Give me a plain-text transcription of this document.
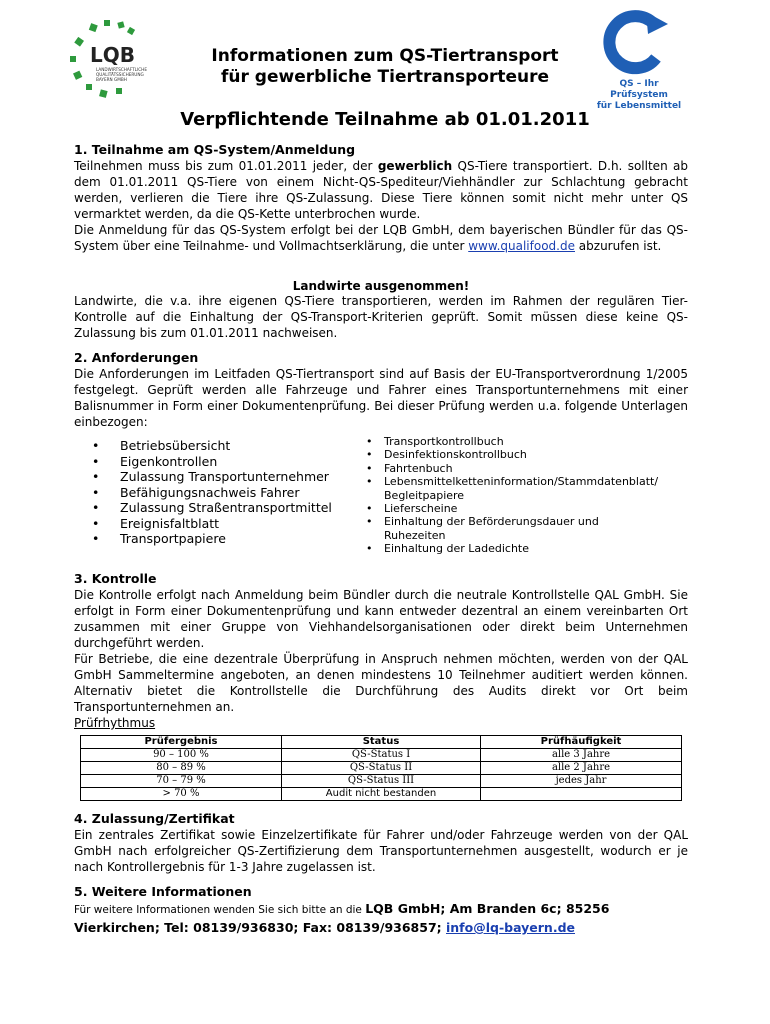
LQB
LANDWIRTSCHAFTLICHE
QUALITÄTSSICHERUNG
BAYERN GMBH	QS – Ihr Prüfsystem
für Lebensmittel
Informationen zum QS-Tiertransport
für gewerbliche Tiertransporteure
Verpflichtende Teilnahme ab 01.01.2011
1. Teilnahme am QS-System/Anmeldung
Teilnehmen muss bis zum 01.01.2011 jeder, der gewerblich QS-Tiere transportiert. D.h. sollten ab dem 01.01.2011 QS-Tiere von einem Nicht-QS-Spediteur/Viehhändler zur Schlachtung gebracht werden, verlieren die Tiere ihre QS-Zulassung. Diese Tiere können somit nicht mehr unter QS vermarktet werden, da die QS-Kette unterbrochen wurde.
Die Anmeldung für das QS-System erfolgt bei der LQB GmbH, dem bayerischen Bündler für das QS-System über eine Teilnahme- und Vollmachtserklärung, die unter www.qualifood.de abzurufen ist.
Landwirte ausgenommen!
Landwirte, die v.a. ihre eigenen QS-Tiere transportieren, werden im Rahmen der regulären Tier-Kontrolle auf die Einhaltung der QS-Transport-Kriterien geprüft. Somit müssen diese keine QS-Zulassung bis zum 01.01.2011 nachweisen.
2. Anforderungen
Die Anforderungen im Leitfaden QS-Tiertransport sind auf Basis der EU-Transportverordnung 1/2005 festgelegt. Geprüft werden alle Fahrzeuge und Fahrer eines Transportunternehmens mit einer Balisnummer in Form einer Dokumentenprüfung. Bei dieser Prüfung werden u.a. folgende Unterlagen einbezogen:
• Betriebsübersicht
• Eigenkontrollen
• Zulassung Transportunternehmer
• Befähigungsnachweis Fahrer
• Zulassung Straßentransportmittel
• Ereignisfaltblatt
• Transportpapiere
• Transportkontrollbuch
• Desinfektionskontrollbuch
• Fahrtenbuch
• Lebensmittelketteninformation/Stammdatenblatt/ Begleitpapiere
• Lieferscheine
• Einhaltung der Beförderungsdauer und Ruhezeiten
• Einhaltung der Ladedichte
3. Kontrolle
Die Kontrolle erfolgt nach Anmeldung beim Bündler durch die neutrale Kontrollstelle QAL GmbH. Sie erfolgt in Form einer Dokumentenprüfung und kann entweder dezentral an einem vereinbarten Ort zusammen mit einer Gruppe von Viehhandelsorganisationen oder direkt beim Unternehmen durchgeführt werden.
Für Betriebe, die eine dezentrale Überprüfung in Anspruch nehmen möchten, werden von der QAL GmbH Sammeltermine angeboten, an denen mindestens 10 Teilnehmer auditiert werden können. Alternativ bietet die Kontrollstelle die Durchführung des Audits direkt vor Ort beim Transportunternehmen an.
Prüfrhythmus
Prüfergebnis	Status	Prüfhäufigkeit
90 – 100 %	QS-Status I	alle 3 Jahre
80 – 89 %	QS-Status II	alle 2 Jahre
70 – 79 %	QS-Status III	jedes Jahr
> 70 %	Audit nicht bestanden	
4. Zulassung/Zertifikat
Ein zentrales Zertifikat sowie Einzelzertifikate für Fahrer und/oder Fahrzeuge werden von der QAL GmbH nach erfolgreicher QS-Zertifizierung dem Transportunternehmen ausgestellt, wodurch er je nach Kontrollergebnis für 1-3 Jahre zugelassen ist.
5. Weitere Informationen
Für weitere Informationen wenden Sie sich bitte an die LQB GmbH; Am Branden 6c; 85256
Vierkirchen; Tel: 08139/936830; Fax: 08139/936857; info@lq-bayern.de
